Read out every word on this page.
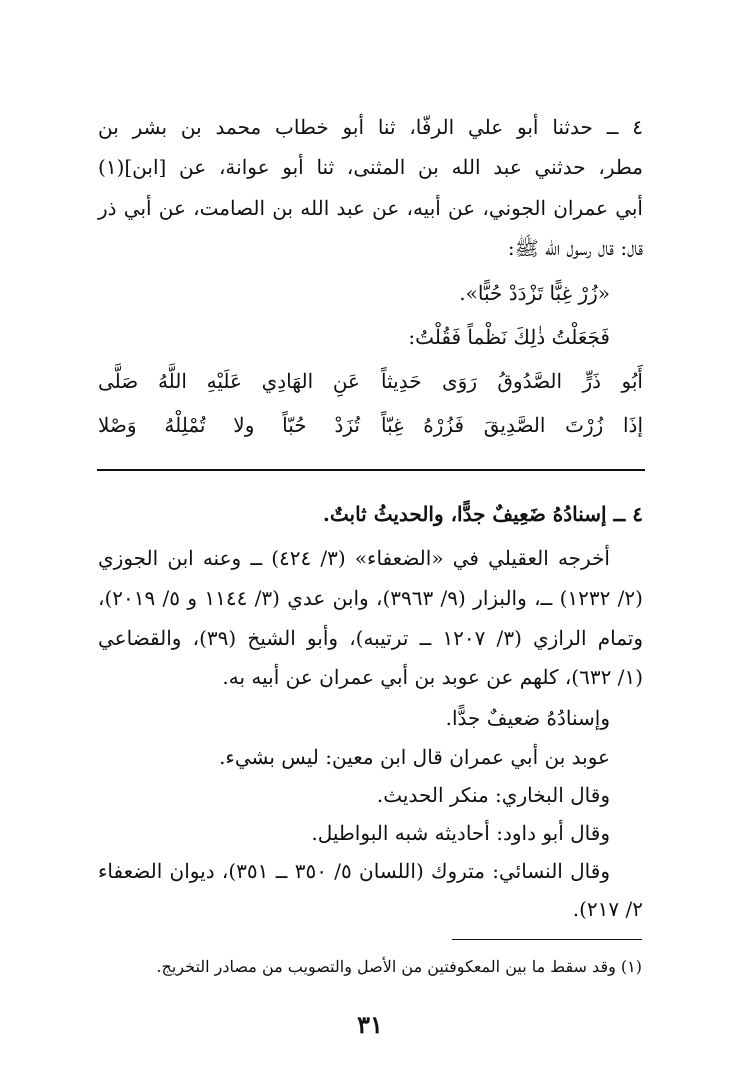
٤ ــ حدثنا أبو علي الرفّا، ثنا أبو خطاب محمد بن بشر بن
مطر، حدثني عبد الله بن المثنى، ثنا أبو عوانة، عن [ابن](١)
أبي عمران الجوني، عن أبيه، عن عبد الله بن الصامت، عن أبي ذر
قال: قال رسول الله ﷺ:
«زُرْ غِبًّا تَزْدَدْ حُبًّا».
فَجَعَلْتُ ذٰلِكَ نَظْماً فَقُلْتُ:
أَبُو ذَرٍّ الصَّدُوقُ رَوَى حَدِيثاً
عَنِ الهَادِي عَلَيْهِ اللَّهُ صَلَّى
إذَا زُرْتَ الصَّدِيقَ فَزُرْهُ غِبّاً
تُزَدْ حُبّاً ولا تُمْلِلْهُ وَصْلا
٤ ــ إسنادُهُ ضَعِيفٌ جدًّا، والحديثُ ثابتٌ.
أخرجه العقيلي في «الضعفاء» (٣/ ٤٢٤) ــ وعنه ابن الجوزي
(٢/ ١٢٣٢) ــ، والبزار (٩/ ٣٩٦٣)، وابن عدي (٣/ ١١٤٤ و ٥/ ٢٠١٩)،
وتمام الرازي (٣/ ١٢٠٧ ــ ترتيبه)، وأبو الشيخ (٣٩)، والقضاعي
(١/ ٦٣٢)، كلهم عن عوبد بن أبي عمران عن أبيه به.
وإسنادُهُ ضعيفٌ جدًّا.
عوبد بن أبي عمران قال ابن معين: ليس بشيء.
وقال البخاري: منكر الحديث.
وقال أبو داود: أحاديثه شبه البواطيل.
وقال النسائي: متروك (اللسان ٥/ ٣٥٠ ــ ٣٥١)، ديوان الضعفاء
٢/ ٢١٧).
(١) وقد سقط ما بين المعكوفتين من الأصل والتصويب من مصادر التخريج.
٣١
